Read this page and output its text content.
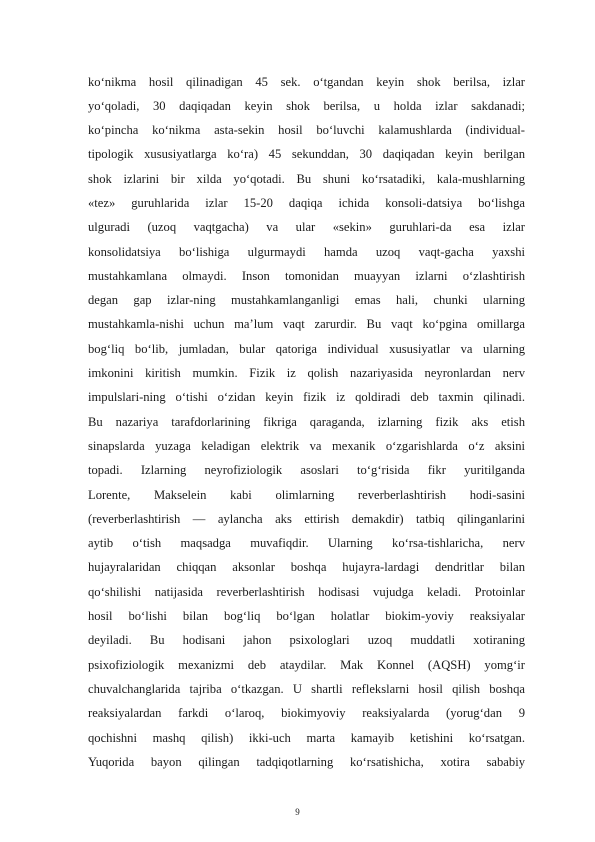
ko‘nikma hosil qilinadigan 45 sek. o‘tgandan keyin shok berilsa, izlar
yo‘qoladi, 30 daqiqadan keyin shok berilsa, u holda izlar sakdanadi;
ko‘pincha ko‘nikma asta-sekin hosil bo‘luvchi kalamushlarda (individual-
tipologik xususiyatlarga ko‘ra) 45 sekunddan, 30 daqiqadan keyin berilgan
shok izlarini bir xilda yo‘qotadi. Bu shuni ko‘rsatadiki, kala-mushlarning
«tez» guruhlarida izlar 15-20 daqiqa ichida konsoli-datsiya bo‘lishga
ulguradi (uzoq vaqtgacha) va ular «sekin» guruhlari-da esa izlar
konsolidatsiya bo‘lishiga ulgurmaydi hamda uzoq vaqt-gacha yaxshi
mustahkamlana olmaydi. Inson tomonidan muayyan izlarni o‘zlashtirish
degan gap izlar-ning mustahkamlanganligi emas hali, chunki ularning
mustahkamla-nishi uchun ma’lum vaqt zarurdir. Bu vaqt ko‘pgina omillarga
bog‘liq bo‘lib, jumladan, bular qatoriga individual xususiyatlar va ularning
imkonini kiritish mumkin. Fizik iz qolish nazariyasida neyronlardan nerv
impulslari-ning o‘tishi o‘zidan keyin fizik iz qoldiradi deb taxmin qilinadi.
Bu nazariya tarafdorlarining fikriga qaraganda, izlarning fizik aks etish
sinapslarda yuzaga keladigan elektrik va mexanik o‘zgarishlarda o‘z aksini
topadi. Izlarning neyrofiziologik asoslari to‘g‘risida fikr yuritilganda
Lorente, Makselein kabi olimlarning reverberlashtirish hodi-sasini
(reverberlashtirish — aylancha aks ettirish demakdir) tatbiq qilinganlarini
aytib o‘tish maqsadga muvafiqdir. Ularning ko‘rsa-tishlaricha, nerv
hujayralaridan chiqqan aksonlar boshqa hujayra-lardagi dendritlar bilan
qo‘shilishi natijasida reverberlashtirish hodisasi vujudga keladi. Protoinlar
hosil bo‘lishi bilan bog‘liq bo‘lgan holatlar biokim-yoviy reaksiyalar
deyiladi. Bu hodisani jahon psixologlari uzoq muddatli xotiraning
psixofiziologik mexanizmi deb ataydilar. Mak Konnel (AQSH) yomg‘ir
chuvalchanglarida tajriba o‘tkazgan. U shartli reflekslarni hosil qilish boshqa
reaksiyalardan farkdi o‘laroq, biokimyoviy reaksiyalarda (yorug‘dan 9
qochishni mashq qilish) ikki-uch marta kamayib ketishini ko‘rsatgan.
Yuqorida bayon qilingan tadqiqotlarning ko‘rsatishicha, xotira sababiy
9
